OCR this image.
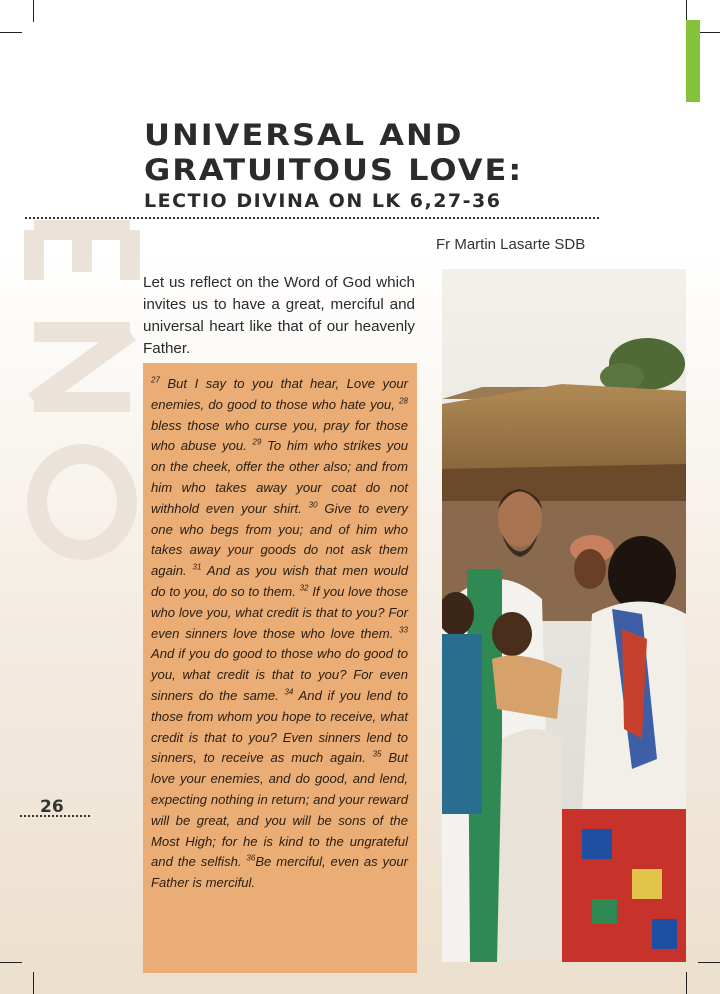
UNIVERSAL AND
GRATUITOUS LOVE:
LECTIO DIVINA ON LK 6,27-36
Fr Martin Lasarte SDB
Let us reflect on the Word of God which invites us to have a great, merciful and universal heart like that of our heavenly Father.
$^{27}$ But I say to you that hear, Love your enemies, do good to those who hate you, $^{28}$ bless those who curse you, pray for those who abuse you. $^{29}$ To him who strikes you on the cheek, offer the other also; and from him who takes away your coat do not withhold even your shirt. $^{30}$ Give to every one who begs from you; and of him who takes away your goods do not ask them again. $^{31}$ And as you wish that men would do to you, do so to them. $^{32}$ If you love those who love you, what credit is that to you? For even sinners love those who love them. $^{33}$ And if you do good to those who do good to you, what credit is that to you? For even sinners do the same. $^{34}$ And if you lend to those from whom you hope to receive, what credit is that to you? Even sinners lend to sinners, to receive as much again. $^{35}$ But love your enemies, and do good, and lend, expecting nothing in return; and your reward will be great, and you will be sons of the Most High; for he is kind to the ungrateful and the selfish. $^{36}$Be merciful, even as your Father is merciful.
26
